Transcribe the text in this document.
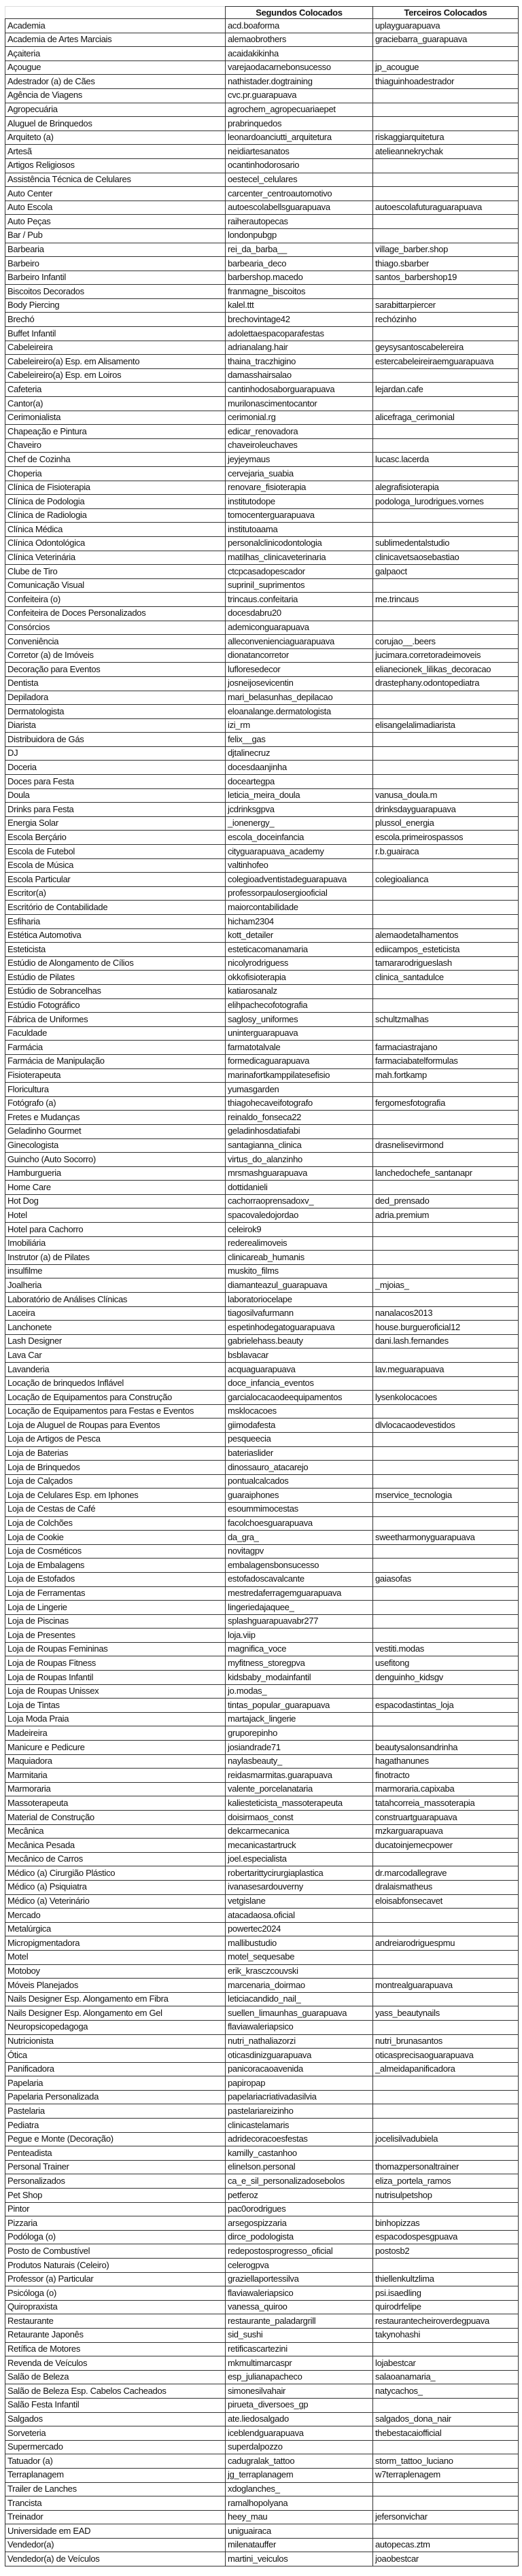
	Segundos Colocados	Terceiros Colocados
Academia	acd.boaforma	uplayguarapuava
Academia de Artes Marciais	alemaobrothers	graciebarra_guarapuava
Açaiteria	acaidakikinha	
Açougue	varejaodacarnebonsucesso	jp_acougue
Adestrador (a) de Cães	nathistader.dogtraining	thiaguinhoadestrador
Agência de Viagens	cvc.pr.guarapuava	
Agropecuária	agrochem_agropecuariaepet	
Aluguel de Brinquedos	prabrinquedos	
Arquiteto (a)	leonardoanciutti_arquitetura	riskaggiarquitetura
Artesã	neidiartesanatos	atelieannekrychak
Artigos Religiosos	ocantinhodorosario	
Assistência Técnica de Celulares	oestecel_celulares	
Auto Center	carcenter_centroautomotivo	
Auto Escola	autoescolabellsguarapuava	autoescolafuturaguarapuava
Auto Peças	raiherautopecas	
Bar / Pub	londonpubgp	
Barbearia	rei_da_barba__	village_barber.shop
Barbeiro	barbearia_deco	thiago.sbarber
Barbeiro Infantil	barbershop.macedo	santos_barbershop19
Biscoitos Decorados	franmagne_biscoitos	
Body Piercing	kalel.ttt	sarabittarpiercer
Brechó	brechovintage42	rechózinho
Buffet Infantil	adolettaespacoparafestas	
Cabeleireira	adrianalang.hair	geysysantoscabelereira
Cabeleireiro(a) Esp. em Alisamento	thaina_traczhigino	estercabeleireiraemguarapuava
Cabeleireiro(a) Esp. em Loiros	damasshairsalao	
Cafeteria	cantinhodosaborguarapuava	lejardan.cafe
Cantor(a)	murilonascimentocantor	
Cerimonialista	cerimonial.rg	alicefraga_cerimonial
Chapeação e Pintura	edicar_renovadora	
Chaveiro	chaveiroleuchaves	
Chef de Cozinha	jeyjeymaus	lucasc.lacerda
Choperia	cervejaria_suabia	
Clínica de Fisioterapia	renovare_fisioterapia	alegrafisioterapia
Clínica de Podologia	institutodope	podologa_lurodrigues.vornes
Clínica de Radiologia	tomocenterguarapuava	
Clínica Médica	institutoaama	
Clínica Odontológica	personalclinicodontologia	sublimedentalstudio
Clínica Veterinária	matilhas_clinicaveterinaria	clinicavetsaosebastiao
Clube de Tiro	ctcpcasadopescador	galpaoct
Comunicação Visual	suprinil_suprimentos	
Confeiteira (o)	trincaus.confeitaria	me.trincaus
Confeiteira de Doces Personalizados	docesdabru20	
Consórcios	ademiconguarapuava	
Conveniência	alleconvenienciaguarapuava	corujao__.beers
Corretor (a) de Imóveis	dionatancorretor	jucimara.corretoradeimoveis
Decoração para Eventos	lufloresedecor	elianecionek_lilikas_decoracao
Dentista	josneijosevicentin	drastephany.odontopediatra
Depiladora	mari_belasunhas_depilacao	
Dermatologista	eloanalange.dermatologista	
Diarista	izi_rm	elisangelalimadiarista
Distribuidora de Gás	felix__gas	
DJ	djtalinecruz	
Doceria	docesdaanjinha	
Doces para Festa	doceartegpa	
Doula	leticia_meira_doula	vanusa_doula.m
Drinks para Festa	jcdrinksgpva	drinksdayguarapuava
Energia Solar	_ionenergy_	plussol_energia
Escola Berçário	escola_doceinfancia	escola.primeirospassos
Escola de Futebol	cityguarapuava_academy	r.b.guairaca
Escola de Música	valtinhofeo	
Escola Particular	colegioadventistadeguarapuava	colegioalianca
Escritor(a)	professorpaulosergiooficial	
Escritório de Contabilidade	maiorcontabilidade	
Esfiharia	hicham2304	
Estética Automotiva	kott_detailer	alemaodetalhamentos
Esteticista	esteticacomanamaria	ediicampos_esteticista
Estúdio de Alongamento de Cílios	nicolyrodriguess	tamararodrigueslash
Estúdio de Pilates	okkofisioterapia	clinica_santadulce
Estúdio de Sobrancelhas	katiarosanalz	
Estúdio Fotográfico	elihpachecofotografia	
Fábrica de Uniformes	saglosy_uniformes	schultzmalhas
Faculdade	uninterguarapuava	
Farmácia	farmatotalvale	farmaciastrajano
Farmácia de Manipulação	formedicaguarapuava	farmaciabatelformulas
Fisioterapeuta	marinafortkamppilatesefisio	mah.fortkamp
Floricultura	yumasgarden	
Fotógrafo (a)	thiagohecaveifotografo	fergomesfotografia
Fretes e Mudanças	reinaldo_fonseca22	
Geladinho Gourmet	geladinhosdatiafabi	
Ginecologista	santagianna_clinica	drasnelisevirmond
Guincho (Auto Socorro)	virtus_do_alanzinho	
Hamburgueria	mrsmashguarapuava	lanchedochefe_santanapr
Home Care	dottidanieli	
Hot Dog	cachorraoprensadoxv_	ded_prensado
Hotel	spacovaledojordao	adria.premium
Hotel para Cachorro	celeirok9	
Imobiliária	rederealimoveis	
Instrutor (a) de Pilates	clinicareab_humanis	
insulfilme	muskito_films	
Joalheria	diamanteazul_guarapuava	_mjoias_
Laboratório de Análises Clínicas	laboratoriocelape	
Laceira	tiagosilvafurmann	nanalacos2013
Lanchonete	espetinhodegatoguarapuava	house.burgueroficial12
Lash Designer	gabrielehass.beauty	dani.lash.fernandes
Lava Car	bsblavacar	
Lavanderia	acquaguarapuava	lav.meguarapuava
Locação de brinquedos Inflável	doce_infancia_eventos	
Locação de Equipamentos para Construção	garcialocacaodeequipamentos	lysenkolocacoes
Locação de Equipamentos para Festas e Eventos	msklocacoes	
Loja de Aluguel de Roupas para Eventos	giimodafesta	dlvlocacaodevestidos
Loja de Artigos de Pesca	pesqueecia	
Loja de Baterias	bateriaslider	
Loja de Brinquedos	dinossauro_atacarejo	
Loja de Calçados	pontualcalcados	
Loja de Celulares Esp. em Iphones	guaraiphones	mservice_tecnologia
Loja de Cestas de Café	esoummimocestas	
Loja de Colchões	facolchoesguarapuava	
Loja de Cookie	da_gra_	sweetharmonyguarapuava
Loja de Cosméticos	novitagpv	
Loja de Embalagens	embalagensbonsucesso	
Loja de Estofados	estofadoscavalcante	gaiasofas
Loja de Ferramentas	mestredaferragemguarapuava	
Loja de Lingerie	lingeriedajaquee_	
Loja de Piscinas	splashguarapuavabr277	
Loja de Presentes	loja.viip	
Loja de Roupas Femininas	magnifica_voce	vestiti.modas
Loja de Roupas Fitness	myfitness_storegpva	usefitong
Loja de Roupas Infantil	kidsbaby_modainfantil	denguinho_kidsgv
Loja de Roupas Unissex	jo.modas_	
Loja de Tintas	tintas_popular_guarapuava	espacodastintas_loja
Loja Moda Praia	martajack_lingerie	
Madeireira	gruporepinho	
Manicure e Pedicure	josiandrade71	beautysalonsandrinha
Maquiadora	naylasbeauty_	hagathanunes
Marmitaria	reidasmarmitas.guarapuava	finotracto
Marmoraria	valente_porcelanataria	marmoraria.capixaba
Massoterapeuta	kaliesteticista_massoterapeuta	tatahcorreia_massoterapia
Material de Construção	doisirmaos_const	construartguarapuava
Mecânica	dekcarmecanica	mzkarguarapuava
Mecânica Pesada	mecanicastartruck	ducatoinjemecpower
Mecânico de Carros	joel.especialista	
Médico (a) Cirurgião Plástico	robertarittycirurgiaplastica	dr.marcodallegrave
Médico (a) Psiquiatra	ivanasesardouverny	dralaismatheus
Médico (a) Veterinário	vetgislane	eloisabfonsecavet
Mercado	atacadaosa.oficial	
Metalúrgica	powertec2024	
Micropigmentadora	mallibustudio	andreiarodriguespmu
Motel	motel_sequesabe	
Motoboy	erik_krasczcouvski	
Móveis Planejados	marcenaria_doirmao	montrealguarapuava
Nails Designer Esp. Alongamento em Fibra	leticiacandido_nail_	
Nails Designer Esp. Alongamento em Gel	suellen_limaunhas_guarapuava	yass_beautynails
Neuropsicopedagoga	flaviawaleriapsico	
Nutricionista	nutri_nathaliazorzi	nutri_brunasantos
Ótica	oticasdinizguarapuava	oticasprecisaoguarapuava
Panificadora	panicoracaoavenida	_almeidapanificadora
Papelaria	papiropap	
Papelaria Personalizada	papelariacriativadasilvia	
Pastelaria	pastelariareizinho	
Pediatra	clinicastelamaris	
Pegue e Monte (Decoração)	adridecoracoesfestas	jocelisilvadubiela
Penteadista	kamilly_castanhoo	
Personal Trainer	elinelson.personal	thomazpersonaltrainer
Personalizados	ca_e_sil_personalizadosebolos	eliza_portela_ramos
Pet Shop	petferoz	nutrisulpetshop
Pintor	pac0orodrigues	
Pizzaria	arsegospizzaria	binhopizzas
Podóloga (o)	dirce_podologista	espacodospesgpuava
Posto de Combustível	redepostosprogresso_oficial	postosb2
Produtos Naturais (Celeiro)	celerogpva	
Professor (a) Particular	graziellaportessilva	thiellenkultzlima
Psicóloga (o)	flaviawaleriapsico	psi.isaedling
Quiropraxista	vanessa_quiroo	quirodrfelipe
Restaurante	restaurante_paladargrill	restaurantecheiroverdegpuava
Retaurante Japonês	sid_sushi	takynohashi
Retífica de Motores	retificascartezini	
Revenda de Veículos	mkmultimarcaspr	lojabestcar
Salão de Beleza	esp_julianapacheco	salaoanamaria_
Salão de Beleza Esp. Cabelos Cacheados	simonesilvahair	natycachos_
Salão Festa Infantil	pirueta_diversoes_gp	
Salgados	ate.liedosalgado	salgados_dona_nair
Sorveteria	iceblendguarapuava	thebestacaiofficial
Supermercado	superdalpozzo	
Tatuador (a)	cadugralak_tattoo	storm_tattoo_luciano
Terraplanagem	jg_terraplanagem	w7terraplenagem
Trailer de Lanches	xdoglanches_	
Trancista	ramalhopolyana	
Treinador	heey_mau	jefersonvichar
Universidade em EAD	uniguairaca	
Vendedor(a)	milenatauffer	autopecas.ztm
Vendedor(a) de Veículos	martini_veiculos	joaobestcar
